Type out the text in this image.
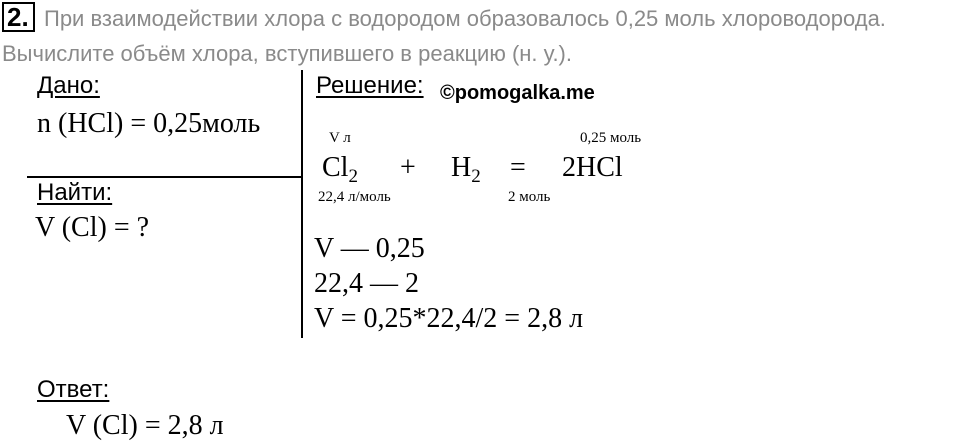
2. При взаимодействии хлора с водородом образовалось 0,25 моль хлороводорода.
Вычислите объём хлора, вступившего в реакцию (н. у.).
Дано:
n (HCl) = 0,25моль
Найти:
V (Cl) = ?
Решение: ©pomogalka.me
V л	0,25 моль
$Cl_2 + H_2 = 2HCl$
22,4 л/моль	2 моль
V — 0,25
22,4 — 2
V = 0,25*22,4/2 = 2,8 л
Ответ:
V (Cl) = 2,8 л
